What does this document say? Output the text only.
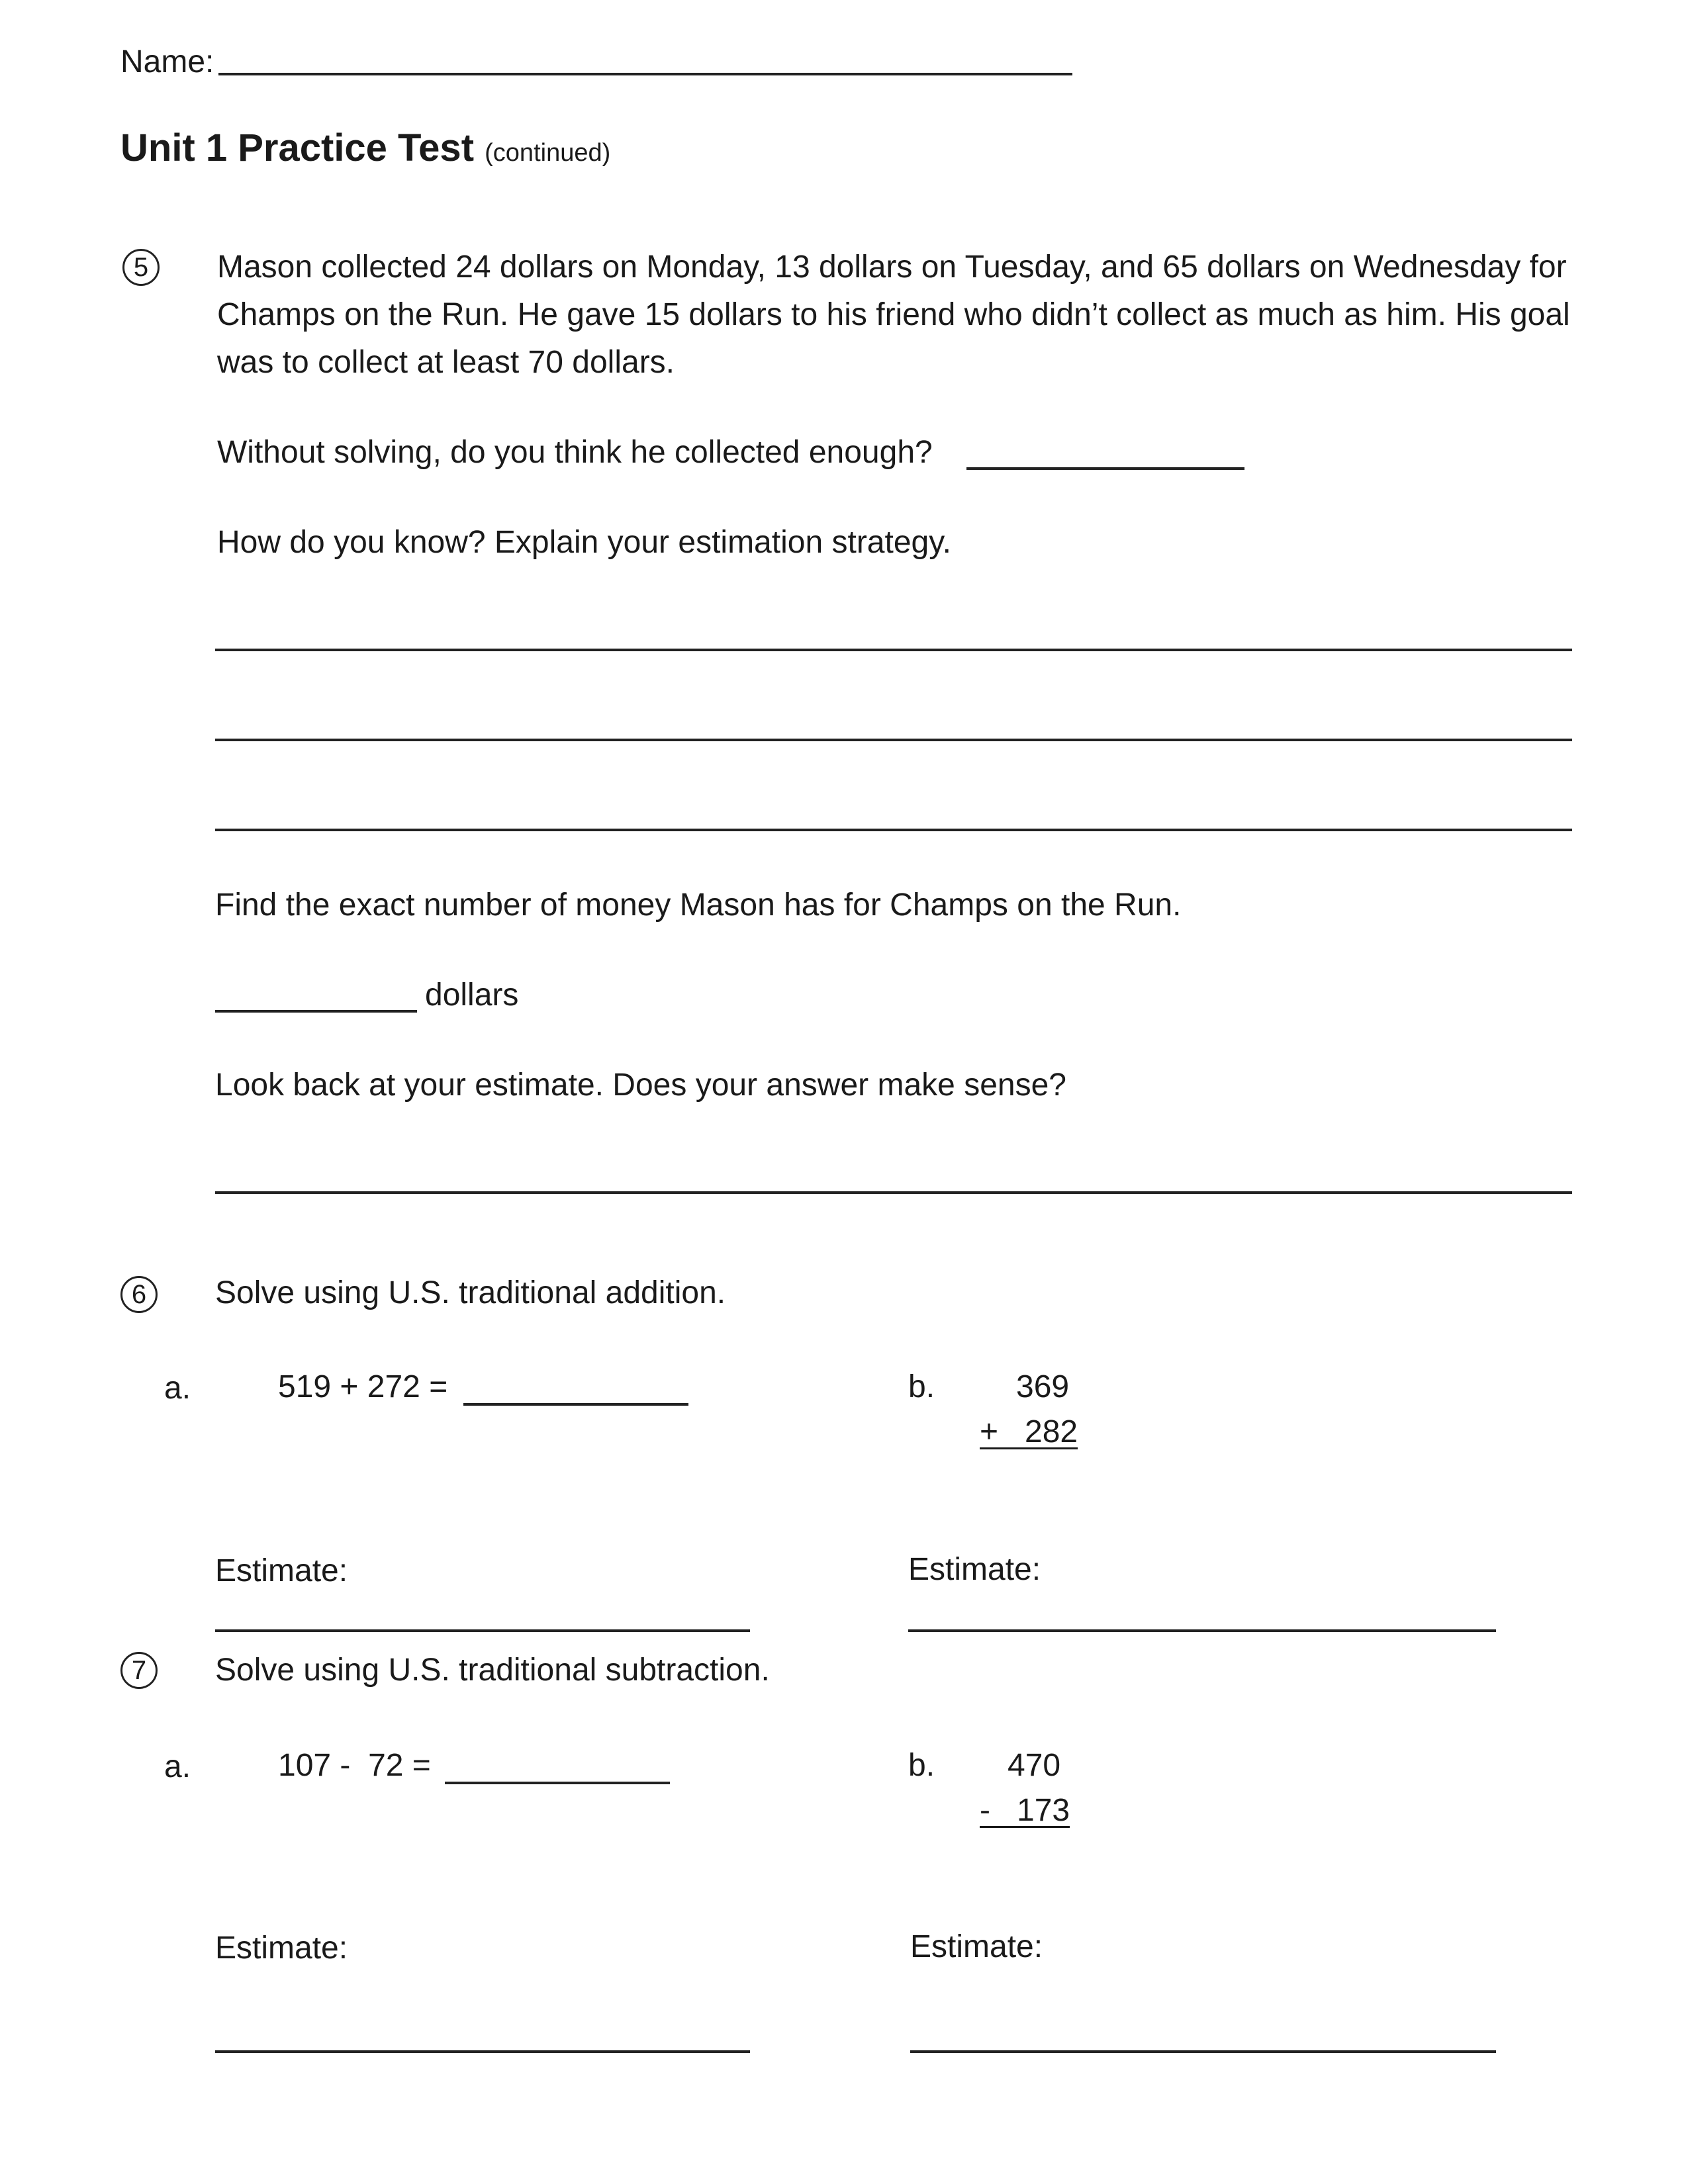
Name:
Unit 1 Practice Test (continued)
5	Mason collected 24 dollars on Monday, 13 dollars on Tuesday, and 65 dollars on Wednesday for Champs on the Run. He gave 15 dollars to his friend who didn’t collect as much as him. His goal was to collect at least 70 dollars.
Without solving, do you think he collected enough?
How do you know? Explain your estimation strategy.
Find the exact number of money Mason has for Champs on the Run.
dollars
Look back at your estimate. Does your answer make sense?
6	Solve using U.S. traditional addition.
a.	519 + 272 =	b.	369
+   282
Estimate:	Estimate:
7	Solve using U.S. traditional subtraction.
a.	107 -  72 =	b. 470
-   173
Estimate:	Estimate:
